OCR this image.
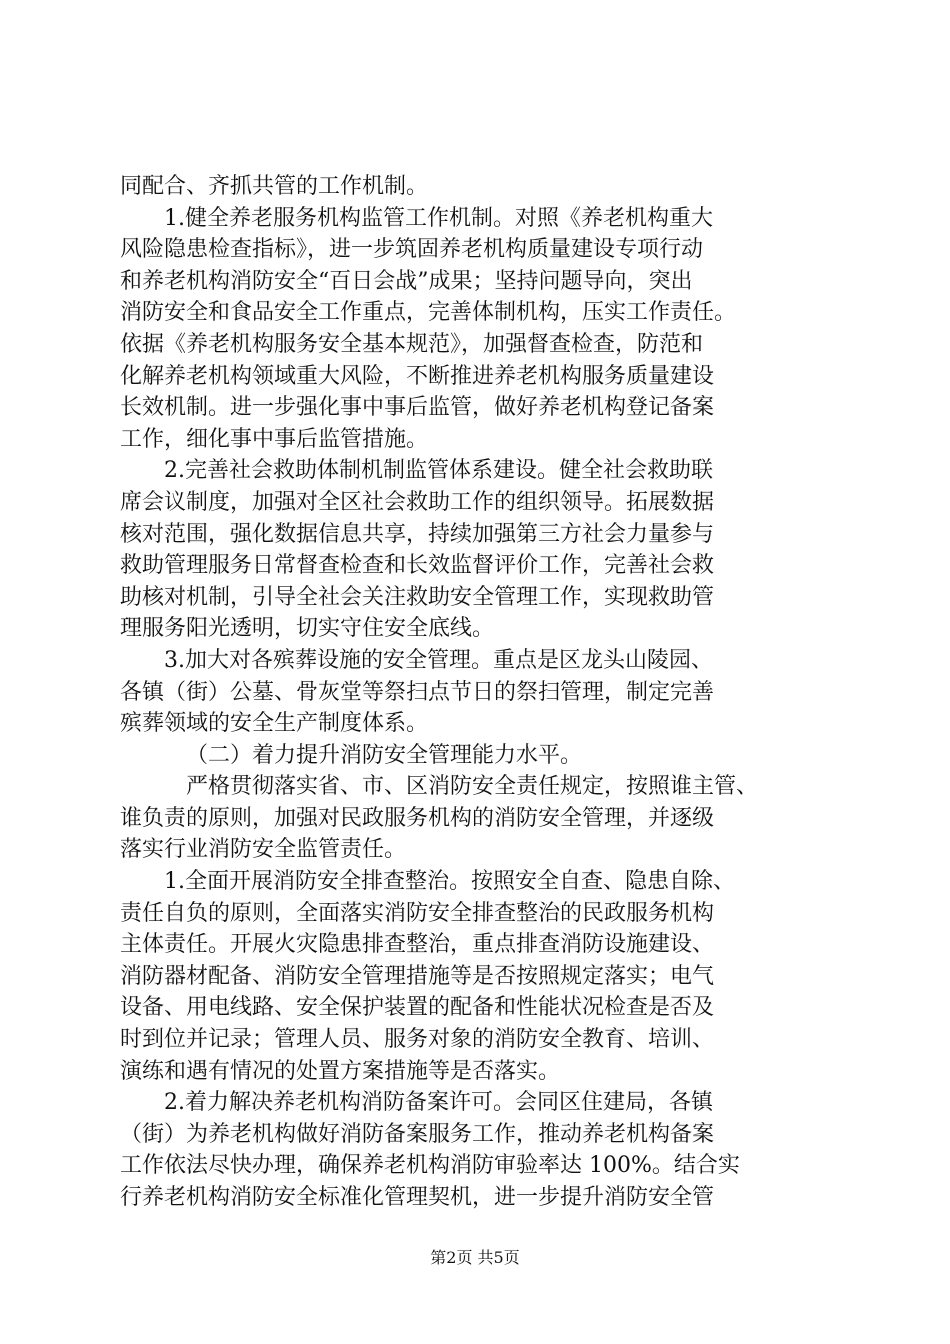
同配合、齐抓共管的工作机制。
1.健全养老服务机构监管工作机制。对照《养老机构重大
风险隐患检查指标》，进一步筑固养老机构质量建设专项行动
和养老机构消防安全“百日会战”成果；坚持问题导向，突出
消防安全和食品安全工作重点，完善体制机构，压实工作责任。
依据《养老机构服务安全基本规范》，加强督查检查，防范和
化解养老机构领域重大风险，不断推进养老机构服务质量建设
长效机制。进一步强化事中事后监管，做好养老机构登记备案
工作，细化事中事后监管措施。
2.完善社会救助体制机制监管体系建设。健全社会救助联
席会议制度，加强对全区社会救助工作的组织领导。拓展数据
核对范围，强化数据信息共享，持续加强第三方社会力量参与
救助管理服务日常督查检查和长效监督评价工作，完善社会救
助核对机制，引导全社会关注救助安全管理工作，实现救助管
理服务阳光透明，切实守住安全底线。
3.加大对各殡葬设施的安全管理。重点是区龙头山陵园、
各镇（街）公墓、骨灰堂等祭扫点节日的祭扫管理，制定完善
殡葬领域的安全生产制度体系。
（二）着力提升消防安全管理能力水平。
严格贯彻落实省、市、区消防安全责任规定，按照谁主管、
谁负责的原则，加强对民政服务机构的消防安全管理，并逐级
落实行业消防安全监管责任。
1.全面开展消防安全排查整治。按照安全自查、隐患自除、
责任自负的原则，全面落实消防安全排查整治的民政服务机构
主体责任。开展火灾隐患排查整治，重点排查消防设施建设、
消防器材配备、消防安全管理措施等是否按照规定落实；电气
设备、用电线路、安全保护装置的配备和性能状况检查是否及
时到位并记录；管理人员、服务对象的消防安全教育、培训、
演练和遇有情况的处置方案措施等是否落实。
2.着力解决养老机构消防备案许可。会同区住建局，各镇
（街）为养老机构做好消防备案服务工作，推动养老机构备案
工作依法尽快办理，确保养老机构消防审验率达 100%。结合实
行养老机构消防安全标准化管理契机，进一步提升消防安全管
第2页 共5页
